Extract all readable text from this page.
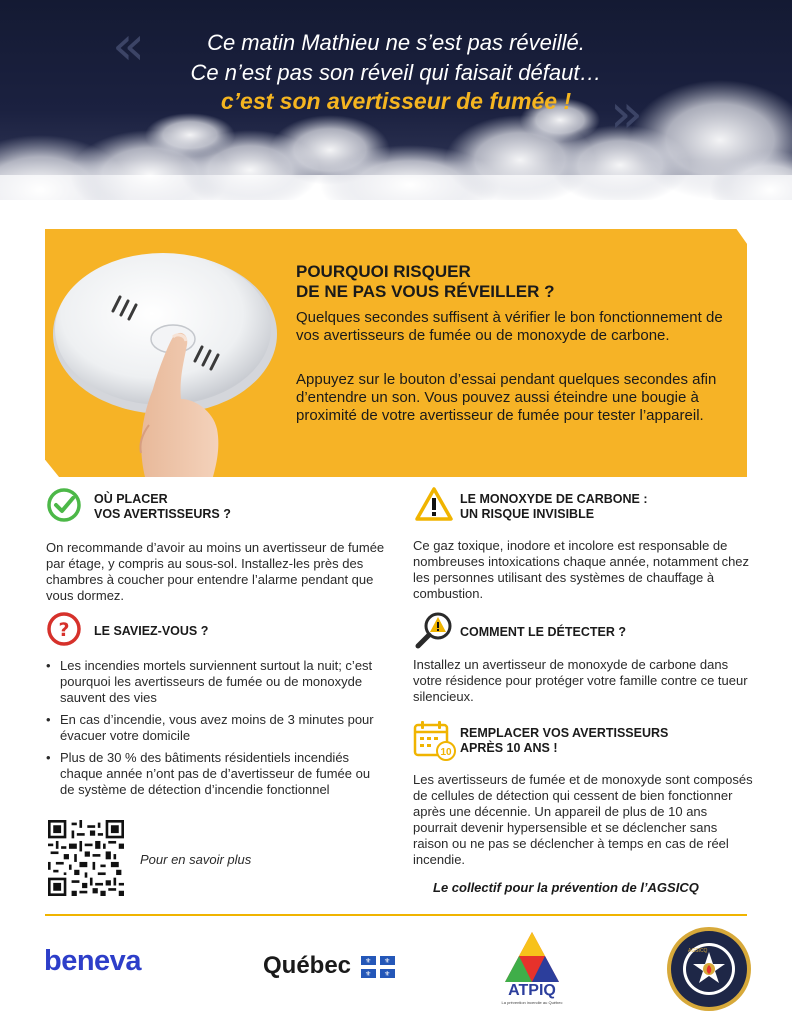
«
»
Ce matin Mathieu ne s’est pas réveillé.
Ce n’est pas son réveil qui faisait défaut…
c’est son avertisseur de fumée !
POURQUOI RISQUER
DE NE PAS VOUS RÉVEILLER ?
Quelques secondes suffisent à vérifier le bon fonctionnement de vos avertisseurs de fumée ou de monoxyde de carbone.
Appuyez sur le bouton d’essai pendant quelques secondes afin d’entendre un son. Vous pouvez aussi éteindre une bougie à proximité de votre avertisseur de fumée pour tester l’appareil.
OÙ PLACER
VOS AVERTISSEURS ?
On recommande d’avoir au moins un avertisseur de fumée par étage, y compris au sous-sol. Installez-les près des chambres à coucher pour entendre l’alarme pendant que vous dormez.
? LE SAVIEZ-VOUS ?
• Les incendies mortels surviennent surtout la nuit; c’est pourquoi les avertisseurs de fumée ou de monoxyde sauvent des vies
• En cas d’incendie, vous avez moins de 3 minutes pour évacuer votre domicile
• Plus de 30 % des bâtiments résidentiels incendiés chaque année n’ont pas de d’avertisseur de fumée ou de système de détection d’incendie fonctionnel
Pour en savoir plus
LE MONOXYDE DE CARBONE :
UN RISQUE INVISIBLE
Ce gaz toxique, inodore et incolore est responsable de nombreuses intoxications chaque année, notamment chez les personnes utilisant des systèmes de chauffage à combustion.
COMMENT LE DÉTECTER ?
Installez un avertisseur de monoxyde de carbone dans votre résidence pour protéger votre famille contre ce tueur silencieux.
10
REMPLACER VOS AVERTISSEURS
APRÈS 10 ANS !
Les avertisseurs de fumée et de monoxyde sont composés de cellules de détection qui cessent de bien fonctionner après une décennie. Un appareil de plus de 10 ans pourrait devenir hypersensible et se déclencher sans raison ou ne pas se déclencher à temps en cas de réel incendie.
Le collectif pour la prévention de l’AGSICQ
beneva	Québec ⚜ ⚜
⚜ ⚜
ATPIQ
La prévention incendie au Québec
AGSICQ
